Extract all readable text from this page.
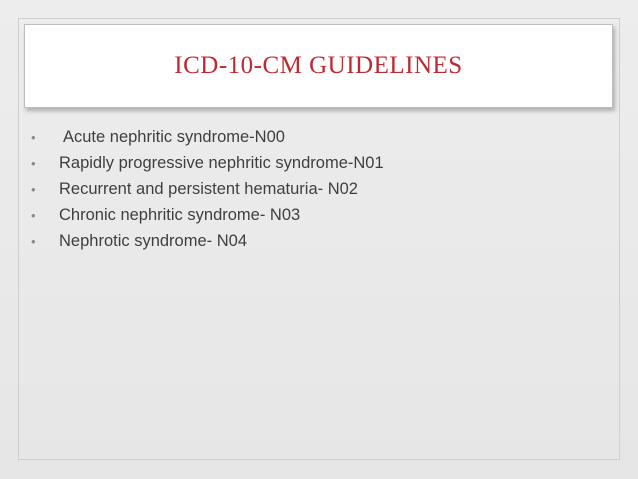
ICD-10-CM GUIDELINES
•	Acute nephritic syndrome-N00
•	Rapidly progressive nephritic syndrome-N01
•	Recurrent and persistent hematuria- N02
•	Chronic nephritic syndrome- N03
•	Nephrotic syndrome- N04
